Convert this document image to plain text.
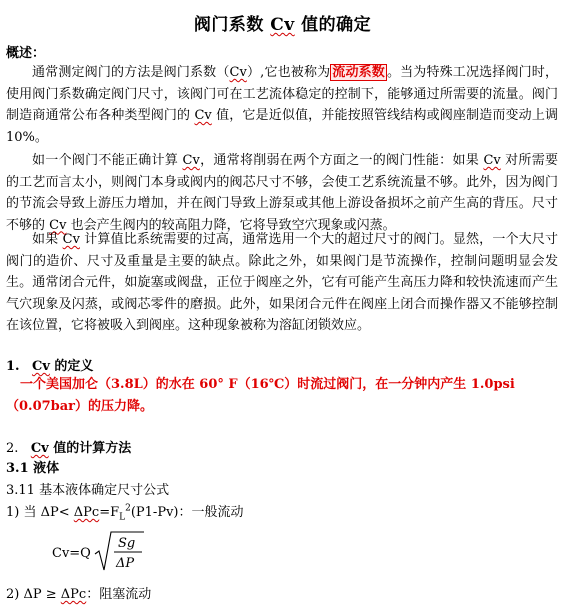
阀门系数 Cv 值的确定
概述：
通常测定阀门的方法是阀门系数（Cv）,它也被称为 流动系数 。当为特殊工况选择阀门时，使用阀门系数确定阀门尺寸，该阀门可在工艺流体稳定的控制下，能够通过所需要的流量。阀门制造商通常公布各种类型阀门的 Cv 值，它是近似值，并能按照管线结构或阀座制造而变动上调 10%。
如一个阀门不能正确计算 Cv，通常将削弱在两个方面之一的阀门性能：如果 Cv 对所需要的工艺而言太小，则阀门本身或阀内的阀芯尺寸不够，会使工艺系统流量不够。此外，因为阀门的节流会导致上游压力增加，并在阀门导致上游泵或其他上游设备损坏之前产生高的背压。尺寸不够的 Cv 也会产生阀内的较高阻力降，它将导致空穴现象或闪蒸。
如果 Cv 计算值比系统需要的过高，通常选用一个大的超过尺寸的阀门。显然，一个大尺寸阀门的造价、尺寸及重量是主要的缺点。除此之外，如果阀门是节流操作，控制问题明显会发生。通常闭合元件，如旋塞或阀盘，正位于阀座之外，它有可能产生高压力降和较快流速而产生气穴现象及闪蒸，或阀芯零件的磨损。此外，如果闭合元件在阀座上闭合而操作器又不能够控制在该位置，它将被吸入到阀座。这种现象被称为溶缸闭锁效应。
1. Cv 的定义
一个美国加仑（3.8L）的水在 60° F（16℃）时流过阀门，在一分钟内产生 1.0psi（0.07bar）的压力降。
2. Cv 值的计算方法
3.1 液体
3.11 基本液体确定尺寸公式
1) 当 $\Delta P< \Delta Pc=F_L^2(P1-Pv)$：一般流动
Cv=Q
Sg
ΔP
2) ΔP ≥ ΔPc：阻塞流动
